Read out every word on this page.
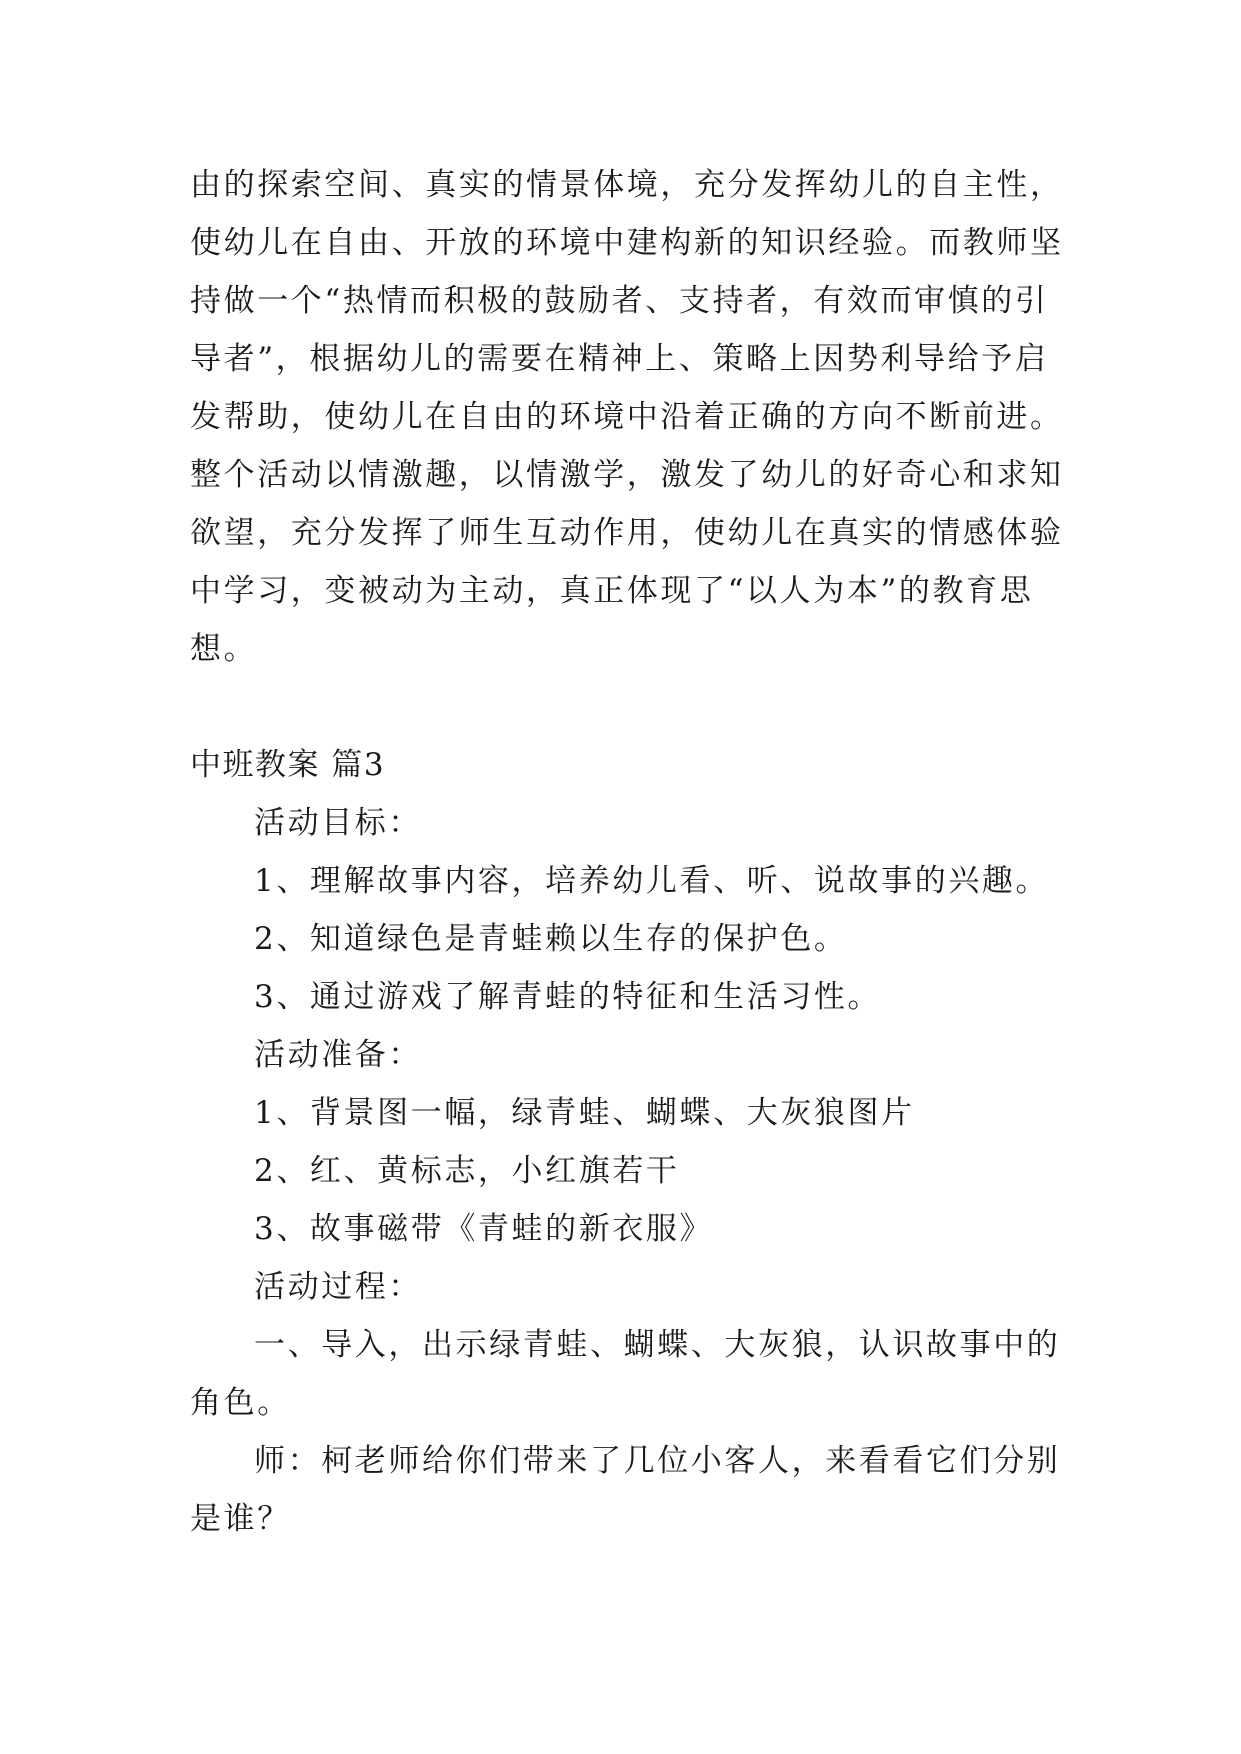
由的探索空间、真实的情景体境，充分发挥幼儿的自主性，
使幼儿在自由、开放的环境中建构新的知识经验。而教师坚
持做一个“热情而积极的鼓励者、支持者，有效而审慎的引
导者”，根据幼儿的需要在精神上、策略上因势利导给予启
发帮助，使幼儿在自由的环境中沿着正确的方向不断前进。
整个活动以情激趣，以情激学，激发了幼儿的好奇心和求知
欲望，充分发挥了师生互动作用，使幼儿在真实的情感体验
中学习，变被动为主动，真正体现了“以人为本”的教育思
想。
中班教案 篇3
活动目标：
1、理解故事内容，培养幼儿看、听、说故事的兴趣。
2、知道绿色是青蛙赖以生存的保护色。
3、通过游戏了解青蛙的特征和生活习性。
活动准备：
1、背景图一幅，绿青蛙、蝴蝶、大灰狼图片
2、红、黄标志，小红旗若干
3、故事磁带《青蛙的新衣服》
活动过程：
一、导入，出示绿青蛙、蝴蝶、大灰狼，认识故事中的
角色。
师：柯老师给你们带来了几位小客人，来看看它们分别
是谁？
